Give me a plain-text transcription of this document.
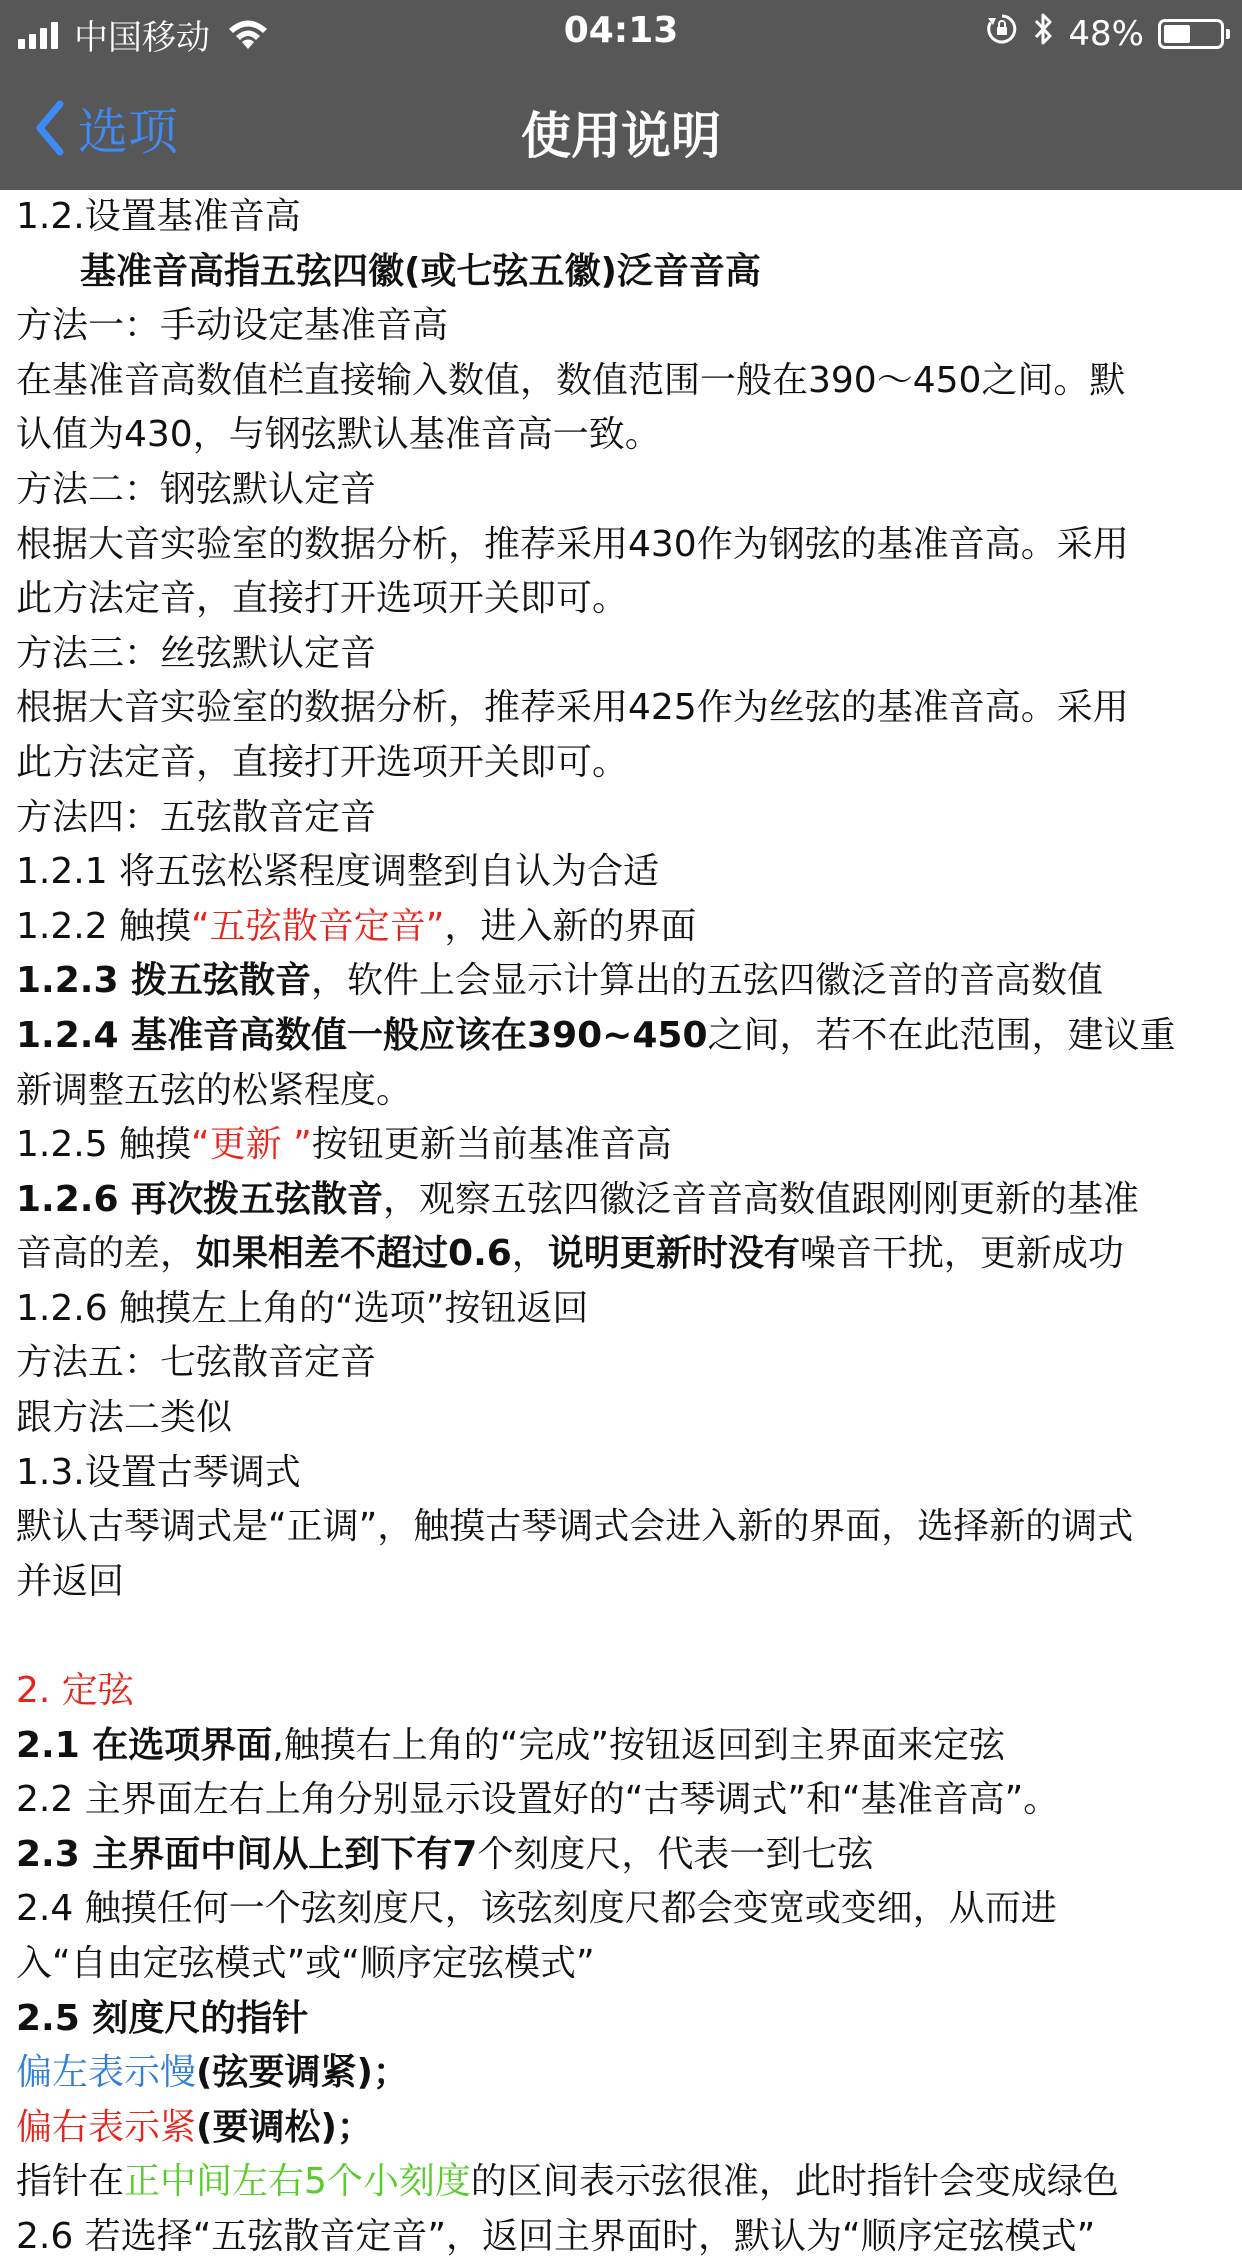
中国移动	04:13	48%
选项	使用说明

1.2.设置基准音高

基准音高指五弦四徽(或七弦五徽)泛音音高

方法一：手动设定基准音高

在基准音高数值栏直接输入数值，数值范围一般在390～450之间。默

认值为430，与钢弦默认基准音高一致。

方法二：钢弦默认定音

根据大音实验室的数据分析，推荐采用430作为钢弦的基准音高。采用

此方法定音，直接打开选项开关即可。

方法三：丝弦默认定音

根据大音实验室的数据分析，推荐采用425作为丝弦的基准音高。采用

此方法定音，直接打开选项开关即可。

方法四：五弦散音定音

1.2.1 将五弦松紧程度调整到自认为合适

1.2.2 触摸“五弦散音定音”，进入新的界面

1.2.3 拨五弦散音，软件上会显示计算出的五弦四徽泛音的音高数值

1.2.4 基准音高数值一般应该在390~450之间，若不在此范围，建议重

新调整五弦的松紧程度。

1.2.5 触摸“更新 ”按钮更新当前基准音高

1.2.6 再次拨五弦散音，观察五弦四徽泛音音高数值跟刚刚更新的基准

音高的差，如果相差不超过0.6，说明更新时没有噪音干扰，更新成功

1.2.6 触摸左上角的“选项”按钮返回

方法五：七弦散音定音

跟方法二类似

1.3.设置古琴调式

默认古琴调式是“正调”，触摸古琴调式会进入新的界面，选择新的调式

并返回

2. 定弦

2.1 在选项界面,触摸右上角的“完成”按钮返回到主界面来定弦

2.2 主界面左右上角分别显示设置好的“古琴调式”和“基准音高”。

2.3 主界面中间从上到下有7个刻度尺，代表一到七弦

2.4 触摸任何一个弦刻度尺，该弦刻度尺都会变宽或变细，从而进

入“自由定弦模式”或“顺序定弦模式”

2.5 刻度尺的指针

偏左表示慢(弦要调紧)；

偏右表示紧(要调松)；

指针在正中间左右5个小刻度的区间表示弦很准，此时指针会变成绿色

2.6 若选择“五弦散音定音”，返回主界面时，默认为“顺序定弦模式”
